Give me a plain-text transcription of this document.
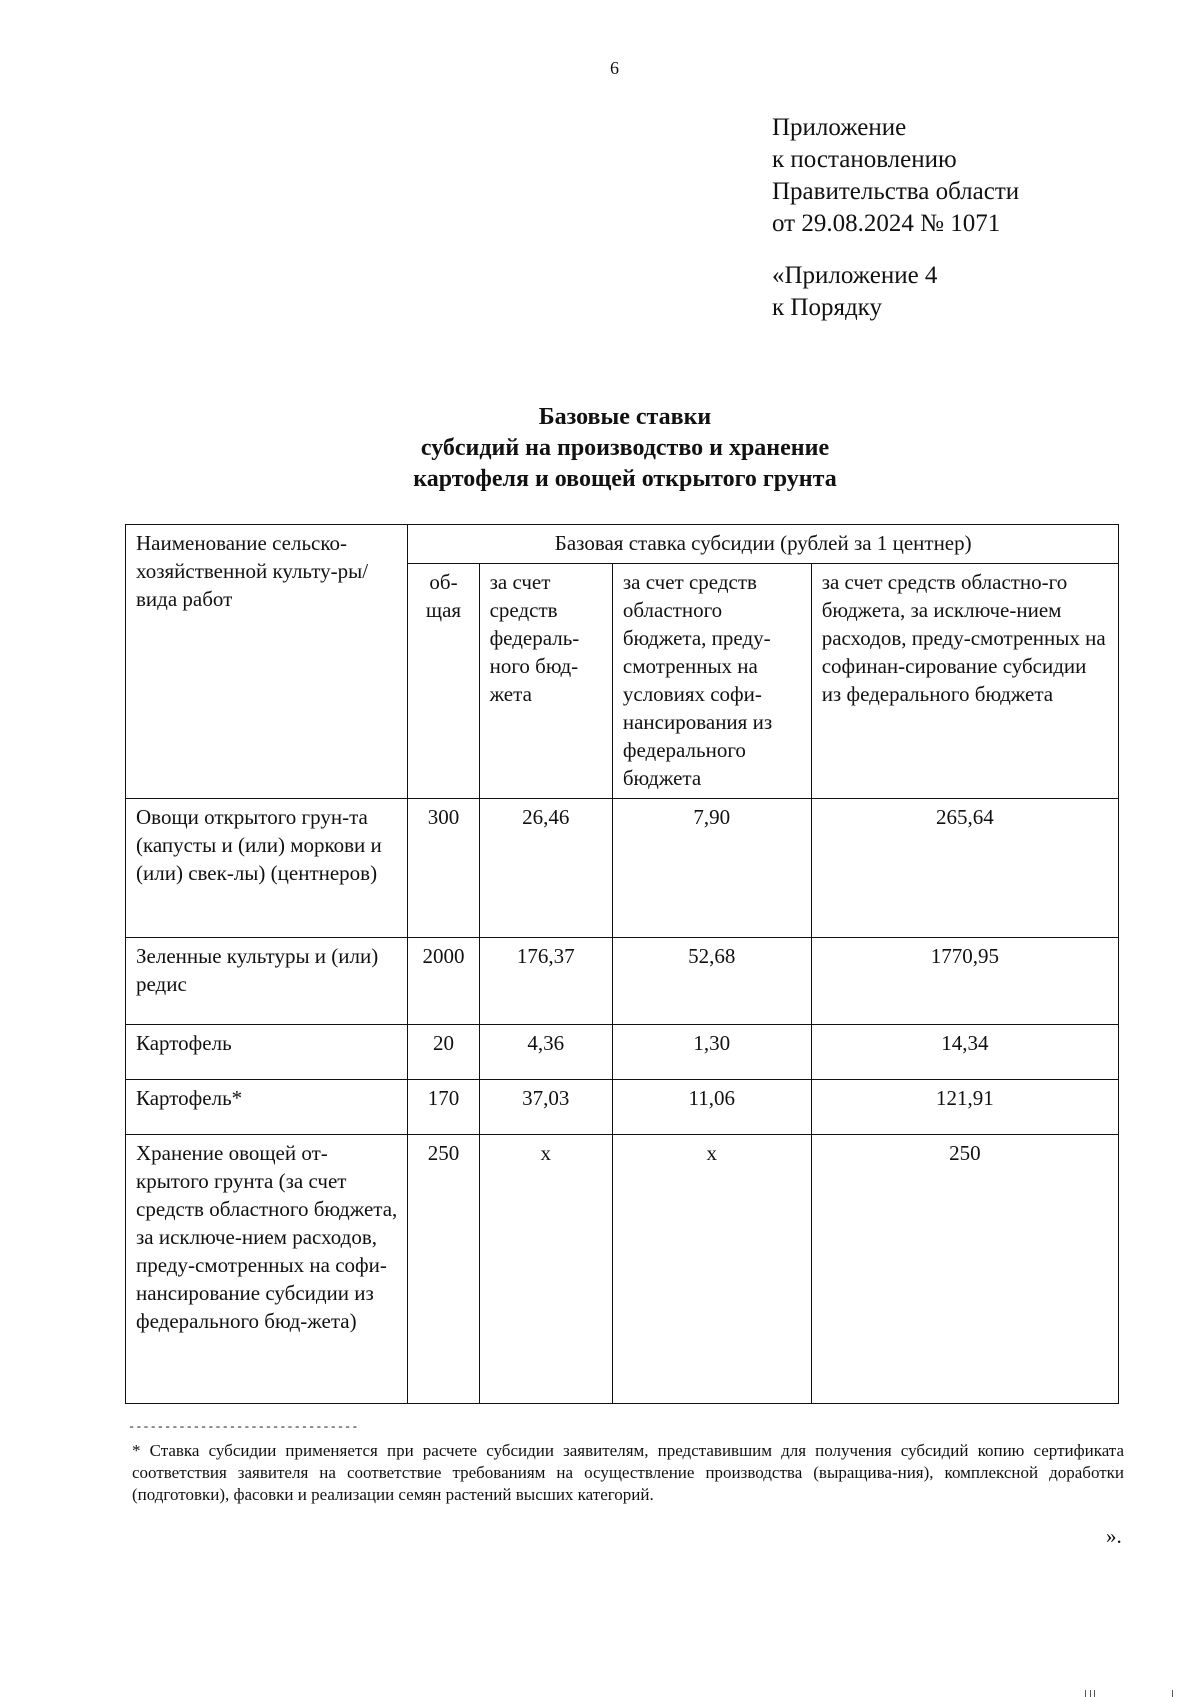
6
Приложение
к постановлению
Правительства области
от 29.08.2024 № 1071
«Приложение 4
к Порядку
Базовые ставки
субсидий на производство и хранение
картофеля и овощей открытого грунта
Наименование сельско-хозяйственной культу-ры/вида работ	Базовая ставка субсидии (рублей за 1 центнер)			
	об-щая	за счет средств федераль-ного бюд-жета	за счет средств областного бюджета, преду-смотренных на условиях софи-нансирования из федерального бюджета	за счет средств областно-го бюджета, за исключе-нием расходов, преду-смотренных на софинан-сирование субсидии из федерального бюджета
Овощи открытого грун-та (капусты и (или) моркови и (или) свек-лы) (центнеров)	300	26,46	7,90	265,64
Зеленные культуры и (или) редис	2000	176,37	52,68	1770,95
Картофель	20	4,36	1,30	14,34
Картофель*	170	37,03	11,06	121,91
Хранение овощей от-крытого грунта (за счет средств областного бюджета, за исключе-нием расходов, преду-смотренных на софи-нансирование субсидии из федерального бюд-жета)	250	х	х	250
--------------------------------
* Ставка субсидии применяется при расчете субсидии заявителям, представившим для получения субсидий копию сертификата соответствия заявителя на соответствие требованиям на осуществление производства (выращива-ния), комплексной доработки (подготовки), фасовки и реализации семян растений высших категорий.
».
